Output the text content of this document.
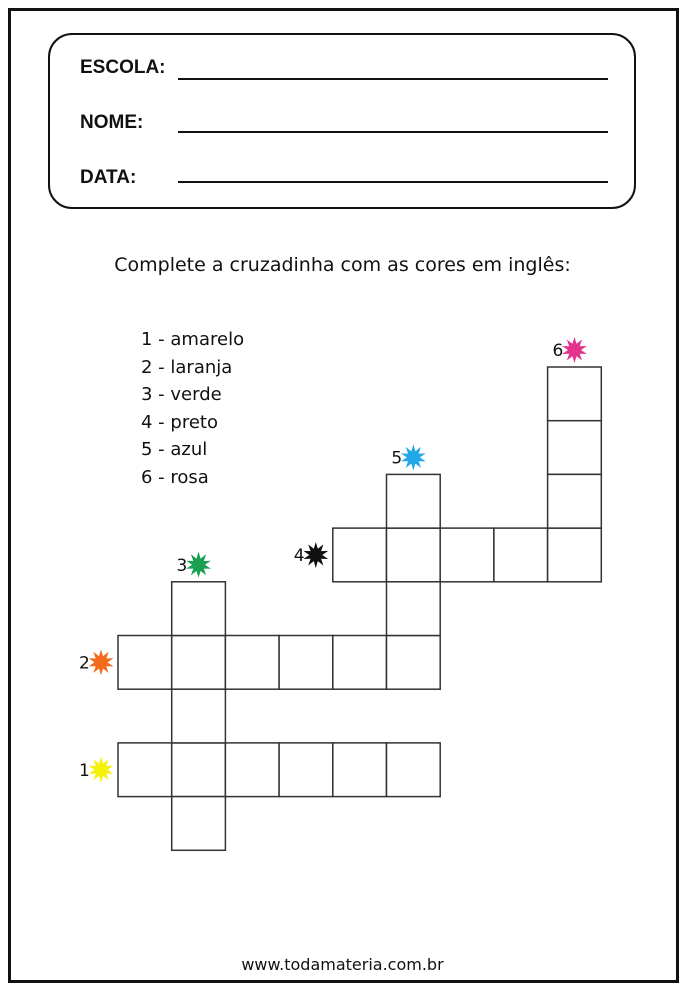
ESCOLA:
NOME:
DATA:
Complete a cruzadinha com as cores em inglês:
1 - amarelo
2 - laranja
3 - verde
4 - preto
5 - azul
6 - rosa
1
2
3	4
5
6
www.todamateria.com.br
